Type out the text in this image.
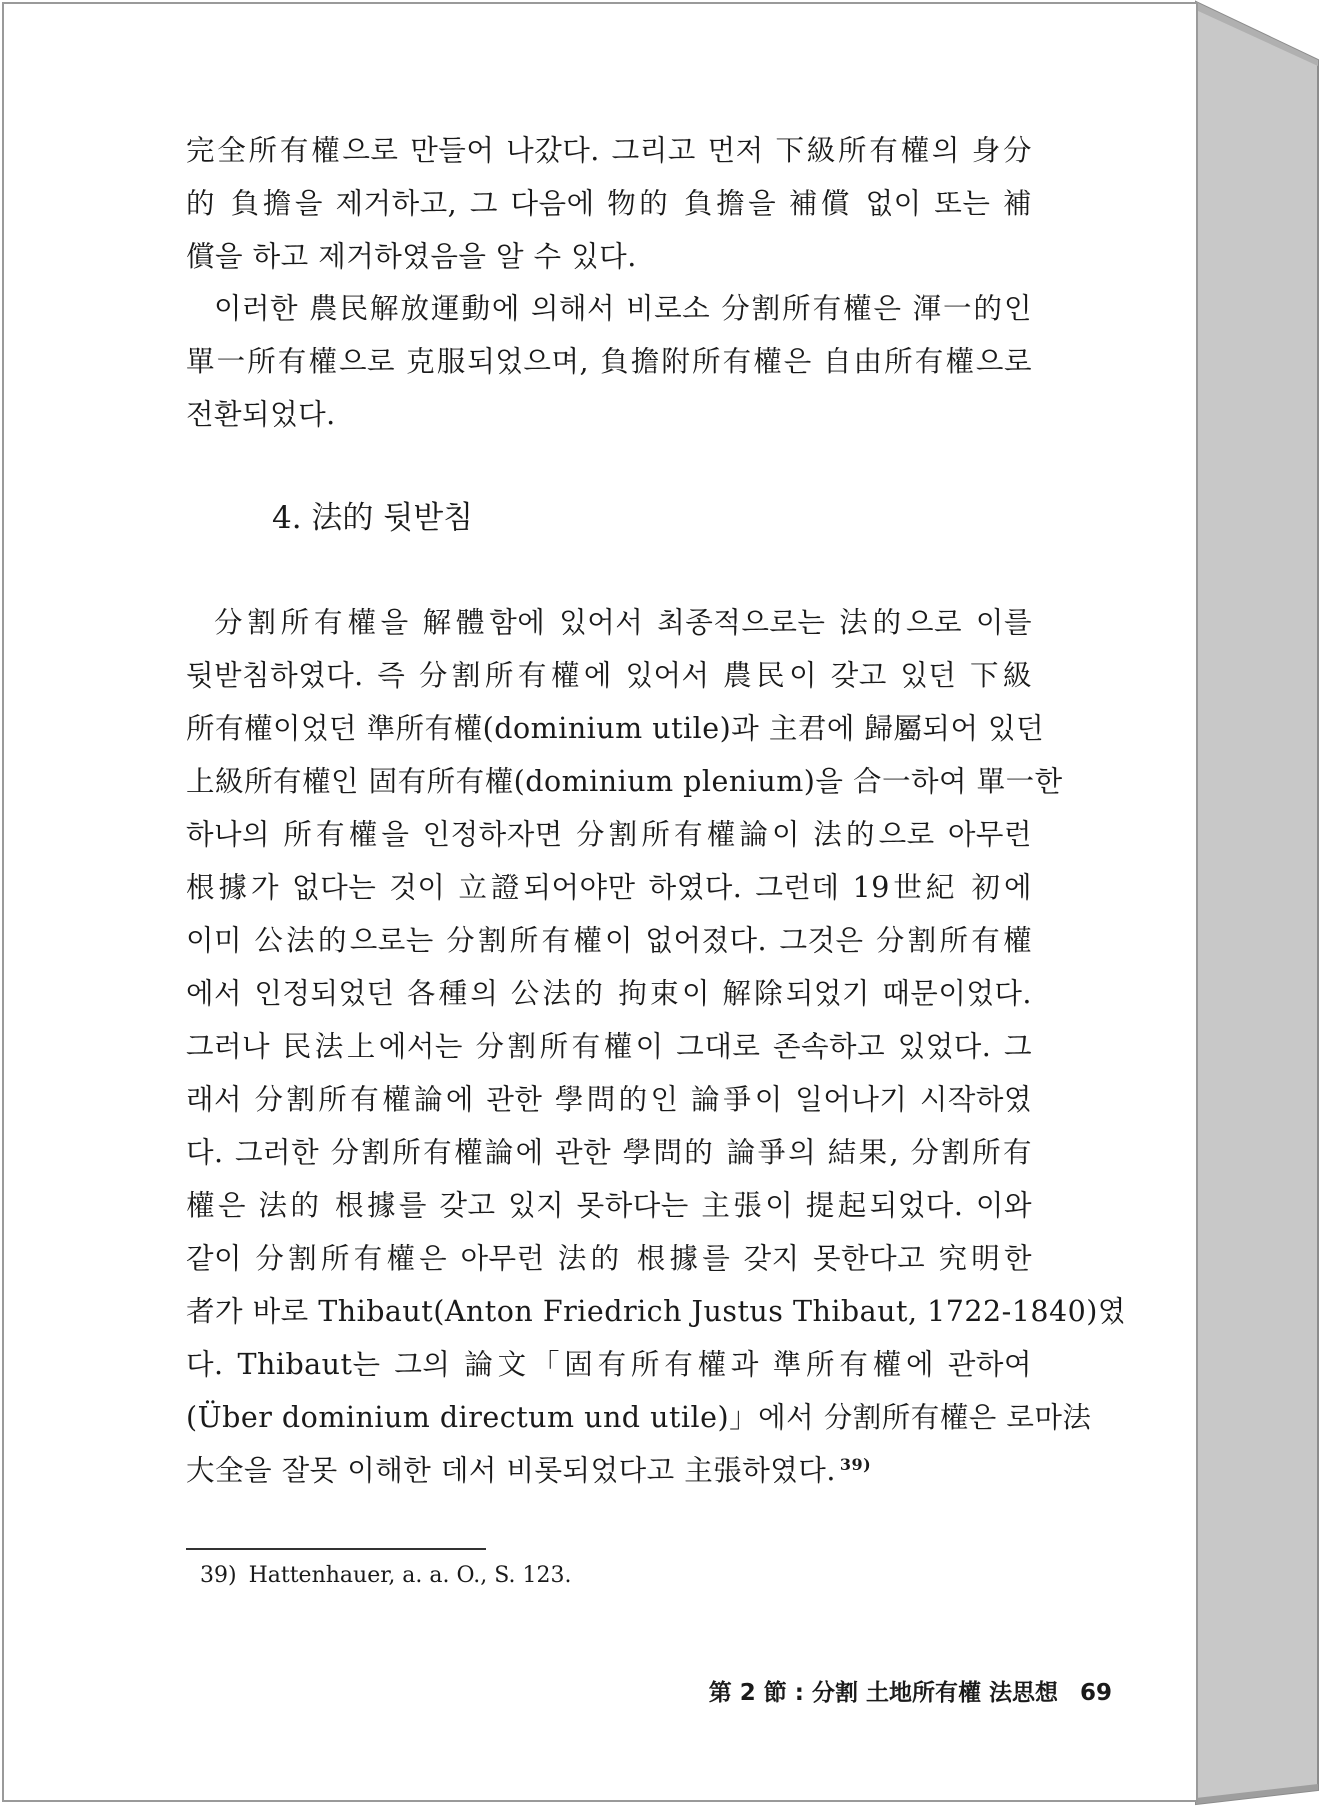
完全所有權으로 만들어 나갔다. 그리고 먼저 下級所有權의 身分
的 負擔을 제거하고, 그 다음에 物的 負擔을 補償 없이 또는 補
償을 하고 제거하였음을 알 수 있다.

이러한 農民解放運動에 의해서 비로소 分割所有權은 渾一的인
單一所有權으로 克服되었으며, 負擔附所有權은 自由所有權으로
전환되었다.

4. 法的 뒷받침

分割所有權을 解體함에 있어서 최종적으로는 法的으로 이를
뒷받침하였다. 즉 分割所有權에 있어서 農民이 갖고 있던 下級
所有權이었던 準所有權(dominium utile)과 主君에 歸屬되어 있던
上級所有權인 固有所有權(dominium plenium)을 合一하여 單一한
하나의 所有權을 인정하자면 分割所有權論이 法的으로 아무런
根據가 없다는 것이 立證되어야만 하였다. 그런데 19世紀 初에
이미 公法的으로는 分割所有權이 없어졌다. 그것은 分割所有權
에서 인정되었던 各種의 公法的 拘束이 解除되었기 때문이었다.
그러나 民法上에서는 分割所有權이 그대로 존속하고 있었다. 그
래서 分割所有權論에 관한 學問的인 論爭이 일어나기 시작하였
다. 그러한 分割所有權論에 관한 學問的 論爭의 結果, 分割所有
權은 法的 根據를 갖고 있지 못하다는 主張이 提起되었다. 이와
같이 分割所有權은 아무런 法的 根據를 갖지 못한다고 究明한
者가 바로 Thibaut(Anton Friedrich Justus Thibaut, 1722-1840)였
다. Thibaut는 그의 論文「固有所有權과 準所有權에 관하여
(Über dominium directum und utile)」에서 分割所有權은 로마法
大全을 잘못 이해한 데서 비롯되었다고 主張하였다. $^{39)}$

39) Hattenhauer, a. a. O., S. 123.

第 2 節 : 分割 土地所有權 法思想 69
